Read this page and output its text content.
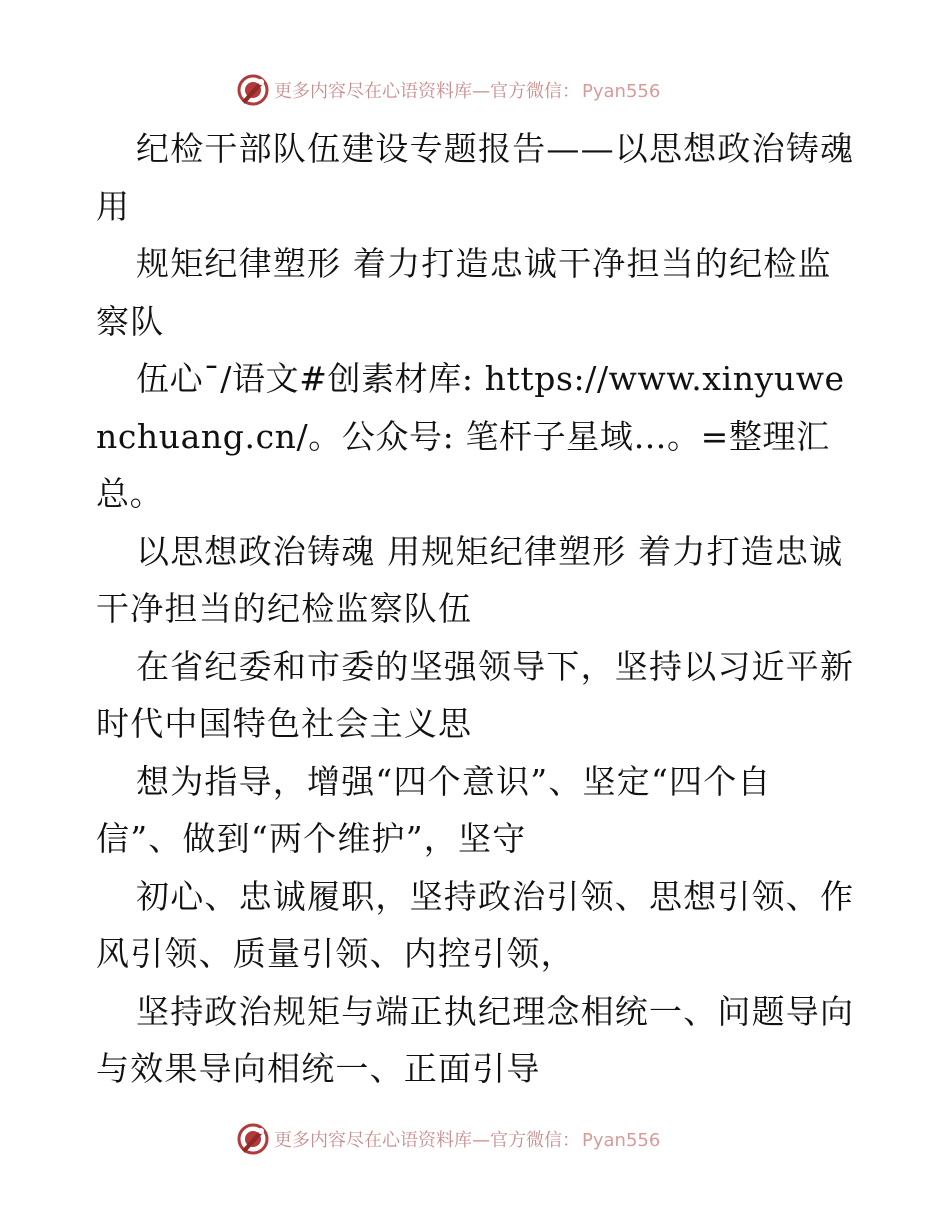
更多内容尽在心语资料库—官方微信： Pyan556

纪检干部队伍建设专题报告——以思想政治铸魂用

规矩纪律塑形 着力打造忠诚干净担当的纪检监察队

伍心¯/语文#创素材库: https://www.xinyuwenchuang.cn/。公众号: 笔杆子星域…。=整理汇总。

以思想政治铸魂 用规矩纪律塑形 着力打造忠诚干净担当的纪检监察队伍

在省纪委和市委的坚强领导下，坚持以习近平新时代中国特色社会主义思

想为指导，增强“四个意识”、坚定“四个自信”、做到“两个维护”，坚守

初心、忠诚履职，坚持政治引领、思想引领、作风引领、质量引领、内控引领，

坚持政治规矩与端正执纪理念相统一、问题导向与效果导向相统一、正面引导

更多内容尽在心语资料库—官方微信： Pyan556
